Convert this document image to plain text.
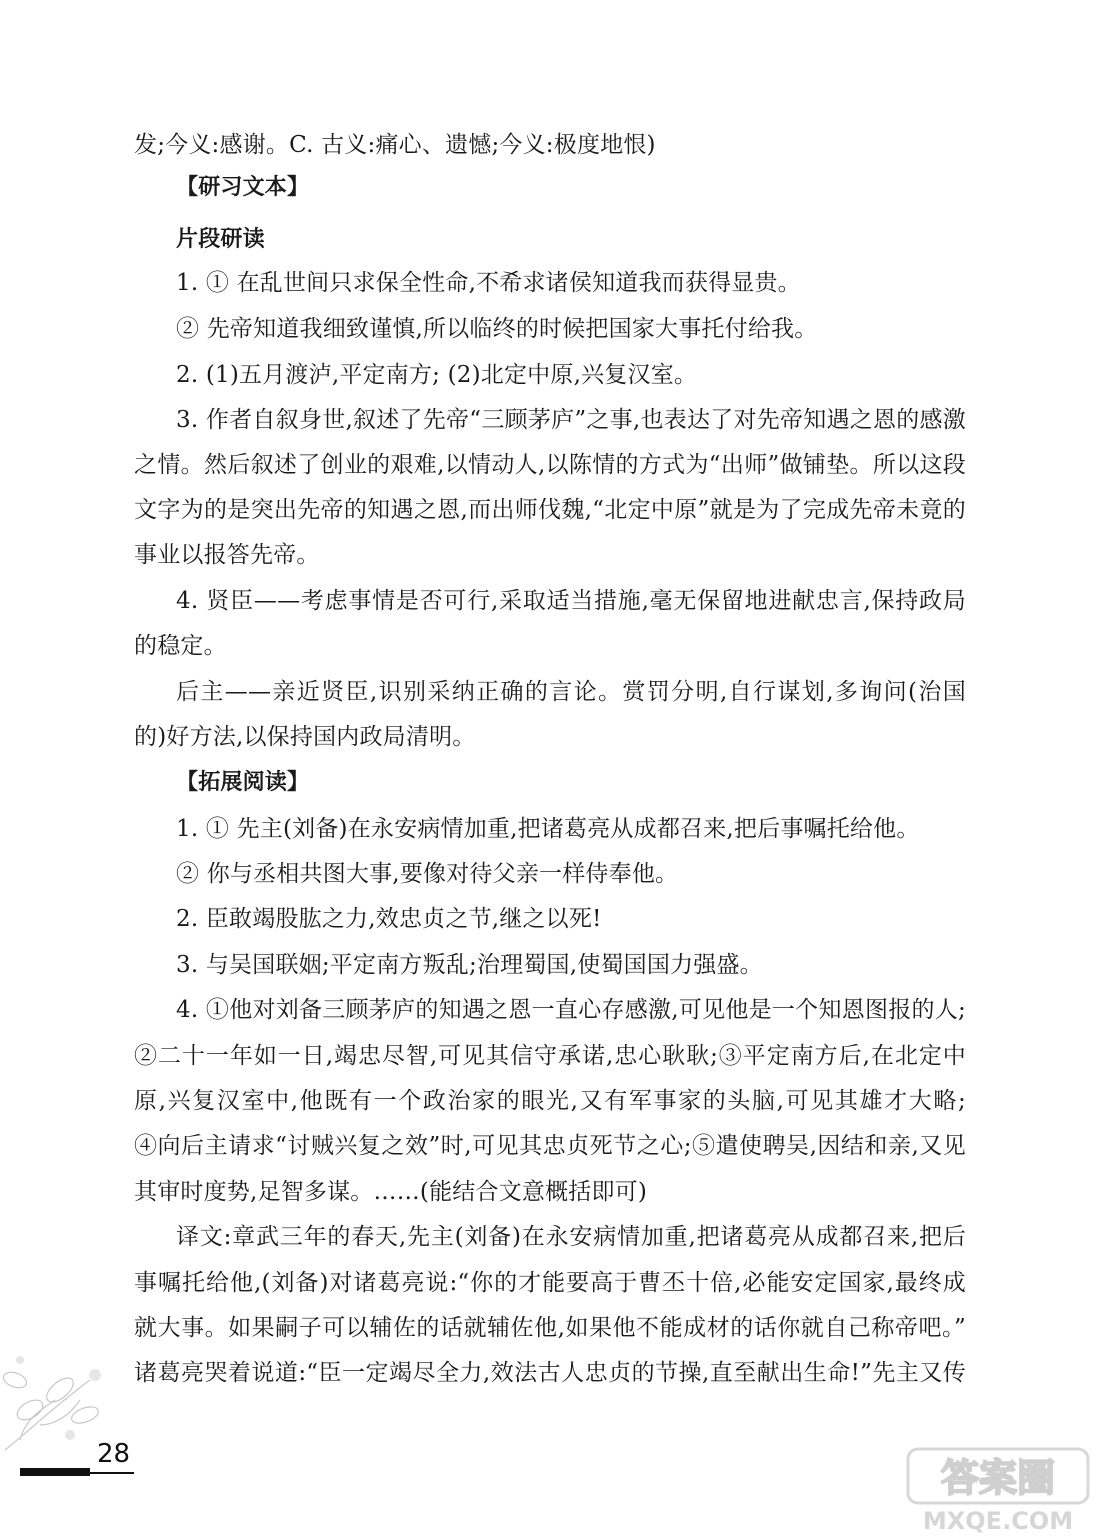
发;今义:感谢。C. 古义:痛心、遗憾;今义:极度地恨)
【研习文本】
片段研读
1. ① 在乱世间只求保全性命,不希求诸侯知道我而获得显贵。
② 先帝知道我细致谨慎,所以临终的时候把国家大事托付给我。
2. (1)五月渡泸,平定南方; (2)北定中原,兴复汉室。
3. 作者自叙身世,叙述了先帝“三顾茅庐”之事,也表达了对先帝知遇之恩的感激
之情。然后叙述了创业的艰难,以情动人,以陈情的方式为“出师”做铺垫。所以这段
文字为的是突出先帝的知遇之恩,而出师伐魏,“北定中原”就是为了完成先帝未竟的
事业以报答先帝。
4. 贤臣——考虑事情是否可行,采取适当措施,毫无保留地进献忠言,保持政局
的稳定。
后主——亲近贤臣,识别采纳正确的言论。赏罚分明,自行谋划,多询问(治国
的)好方法,以保持国内政局清明。
【拓展阅读】
1. ① 先主(刘备)在永安病情加重,把诸葛亮从成都召来,把后事嘱托给他。
② 你与丞相共图大事,要像对待父亲一样侍奉他。
2. 臣敢竭股肱之力,效忠贞之节,继之以死!
3. 与吴国联姻;平定南方叛乱;治理蜀国,使蜀国国力强盛。
4. ①他对刘备三顾茅庐的知遇之恩一直心存感激,可见他是一个知恩图报的人;
②二十一年如一日,竭忠尽智,可见其信守承诺,忠心耿耿;③平定南方后,在北定中
原,兴复汉室中,他既有一个政治家的眼光,又有军事家的头脑,可见其雄才大略;
④向后主请求“讨贼兴复之效”时,可见其忠贞死节之心;⑤遣使聘吴,因结和亲,又见
其审时度势,足智多谋。……(能结合文意概括即可)
译文:章武三年的春天,先主(刘备)在永安病情加重,把诸葛亮从成都召来,把后
事嘱托给他,(刘备)对诸葛亮说:“你的才能要高于曹丕十倍,必能安定国家,最终成
就大事。如果嗣子可以辅佐的话就辅佐他,如果他不能成材的话你就自己称帝吧。”
诸葛亮哭着说道:“臣一定竭尽全力,效法古人忠贞的节操,直至献出生命!”先主又传
28
答案圈
MXQE.COM
